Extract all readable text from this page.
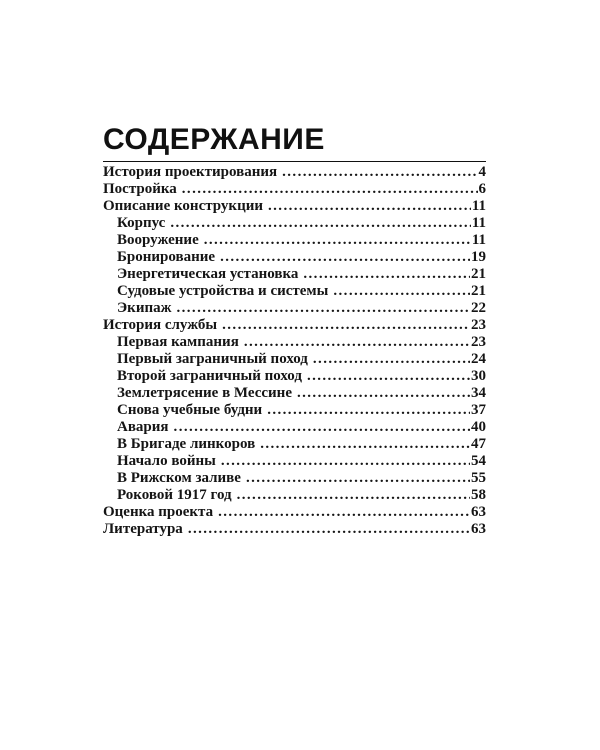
СОДЕРЖАНИЕ
История проектирования .....	4
Постройка .....	6
Описание конструкции .....	11
Корпус .....	11
Вооружение .....	11
Бронирование .....	19
Энергетическая установка .....	21
Судовые устройства и системы .....	21
Экипаж .....	22
История службы .....	23
Первая кампания .....	23
Первый заграничный поход .....	24
Второй заграничный поход .....	30
Землетрясение в Мессине .....	34
Снова учебные будни .....	37
Авария .....	40
В Бригаде линкоров .....	47
Начало войны .....	54
В Рижском заливе .....	55
Роковой 1917 год .....	58
Оценка проекта .....	63
Литература .....	63
